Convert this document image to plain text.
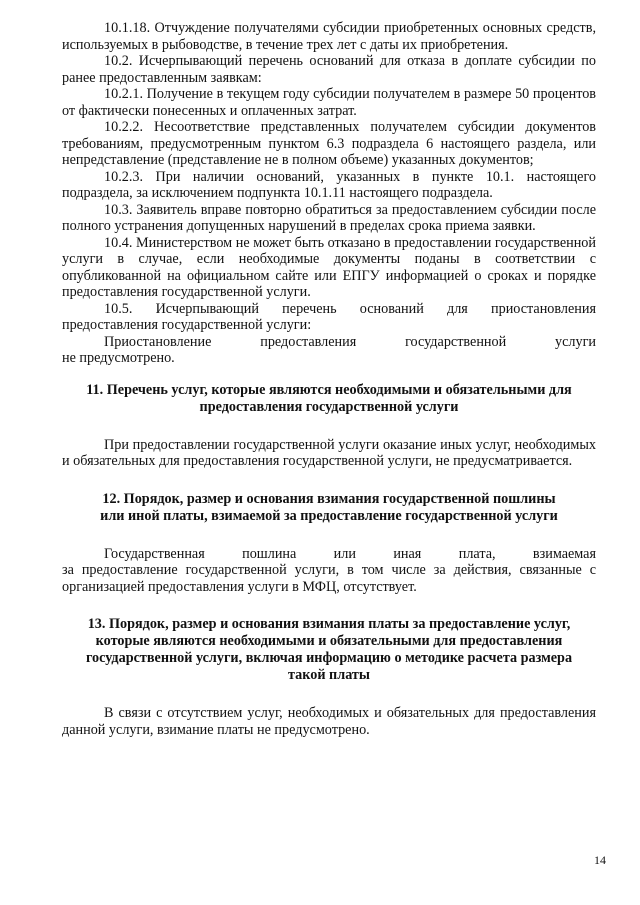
10.1.18. Отчуждение получателями субсидии приобретенных основных средств, используемых в рыбоводстве, в течение трех лет с даты их приобретения.

10.2. Исчерпывающий перечень оснований для отказа в доплате субсидии по ранее предоставленным заявкам:

10.2.1. Получение в текущем году субсидии получателем в размере 50 процентов от фактически понесенных и оплаченных затрат.

10.2.2. Несоответствие представленных получателем субсидии документов требованиям, предусмотренным пунктом 6.3 подраздела 6 настоящего раздела, или непредставление (представление не в полном объеме) указанных документов;

10.2.3. При наличии оснований, указанных в пункте 10.1. настоящего подраздела, за исключением подпункта 10.1.11 настоящего подраздела.

10.3. Заявитель вправе повторно обратиться за предоставлением субсидии после полного устранения допущенных нарушений в пределах срока приема заявки.

10.4. Министерством не может быть отказано в предоставлении государственной услуги в случае, если необходимые документы поданы в соответствии с опубликованной на официальном сайте или ЕПГУ информацией о сроках и порядке предоставления государственной услуги.

10.5. Исчерпывающий перечень оснований для приостановления предоставления государственной услуги:

Приостановление предоставления государственной услуги

не предусмотрено.

11. Перечень услуг, которые являются необходимыми и обязательными для

предоставления государственной услуги

При предоставлении государственной услуги оказание иных услуг, необходимых и обязательных для предоставления государственной услуги, не предусматривается.

12. Порядок, размер и основания взимания государственной пошлины

или иной платы, взимаемой за предоставление государственной услуги

Государственная пошлина или иная плата, взимаемая

за предоставление государственной услуги, в том числе за действия, связанные с организацией предоставления услуги в МФЦ, отсутствует.

13. Порядок, размер и основания взимания платы за предоставление услуг,

которые являются необходимыми и обязательными для предоставления

государственной услуги, включая информацию о методике расчета размера

такой платы

В связи с отсутствием услуг, необходимых и обязательных для предоставления данной услуги, взимание платы не предусмотрено.

14
